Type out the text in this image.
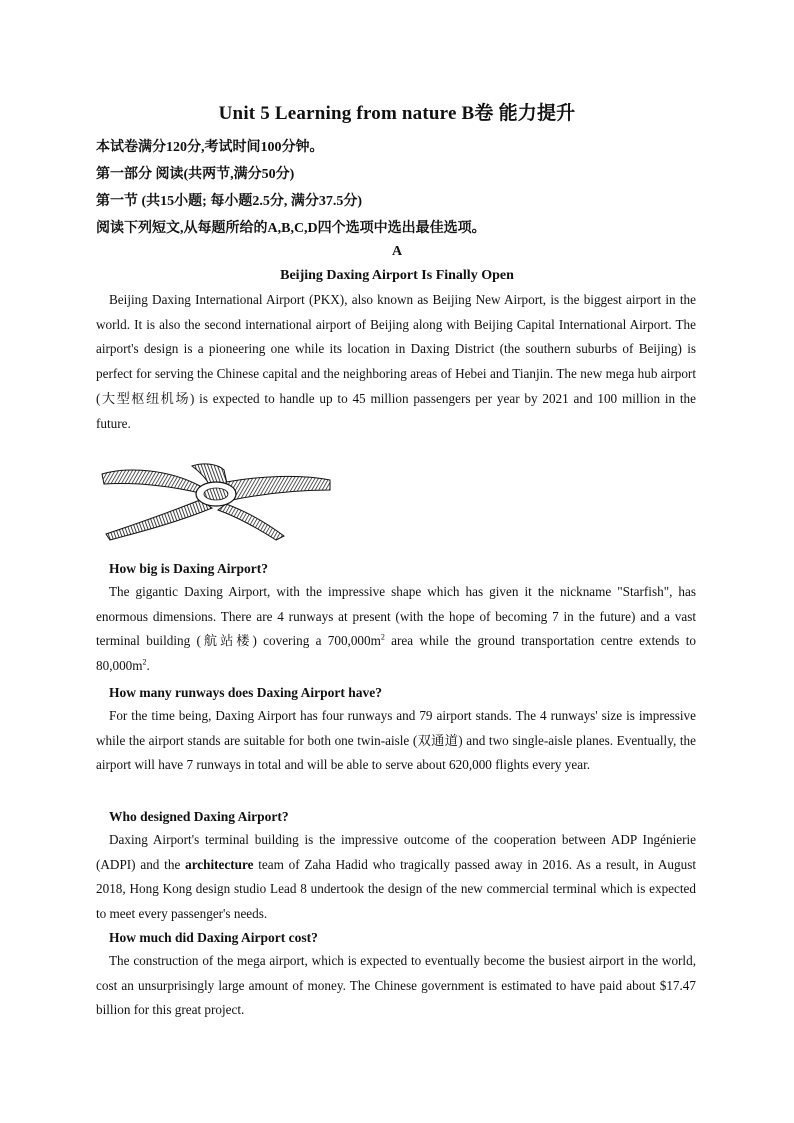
Unit 5 Learning from nature B卷 能力提升
本试卷满分120分,考试时间100分钟。
第一部分 阅读(共两节,满分50分)
第一节 (共15小题; 每小题2.5分, 满分37.5分)
阅读下列短文,从每题所给的A,B,C,D四个选项中选出最佳选项。
A
Beijing Daxing Airport Is Finally Open

Beijing Daxing International Airport (PKX), also known as Beijing New Airport, is the biggest airport in the world. It is also the second international airport of Beijing along with Beijing Capital International Airport. The airport's design is a pioneering one while its location in Daxing District (the southern suburbs of Beijing) is perfect for serving the Chinese capital and the neighboring areas of Hebei and Tianjin. The new mega hub airport (大型枢纽机场) is expected to handle up to 45 million passengers per year by 2021 and 100 million in the future.

How big is Daxing Airport?

The gigantic Daxing Airport, with the impressive shape which has given it the nickname "Starfish", has enormous dimensions. There are 4 runways at present (with the hope of becoming 7 in the future) and a vast terminal building (航站楼) covering a $700,000m^2$ area while the ground transportation centre extends to $80,000m^2$.

How many runways does Daxing Airport have?

For the time being, Daxing Airport has four runways and 79 airport stands. The 4 runways' size is impressive while the airport stands are suitable for both one twin-aisle (双通道) and two single-aisle planes. Eventually, the airport will have 7 runways in total and will be able to serve about 620,000 flights every year.

Who designed Daxing Airport?

Daxing Airport's terminal building is the impressive outcome of the cooperation between ADP Ingénierie (ADPI) and the architecture team of Zaha Hadid who tragically passed away in 2016. As a result, in August 2018, Hong Kong design studio Lead 8 undertook the design of the new commercial terminal which is expected to meet every passenger's needs.

How much did Daxing Airport cost?

The construction of the mega airport, which is expected to eventually become the busiest airport in the world, cost an unsurprisingly large amount of money. The Chinese government is estimated to have paid about $17.47 billion for this great project.
